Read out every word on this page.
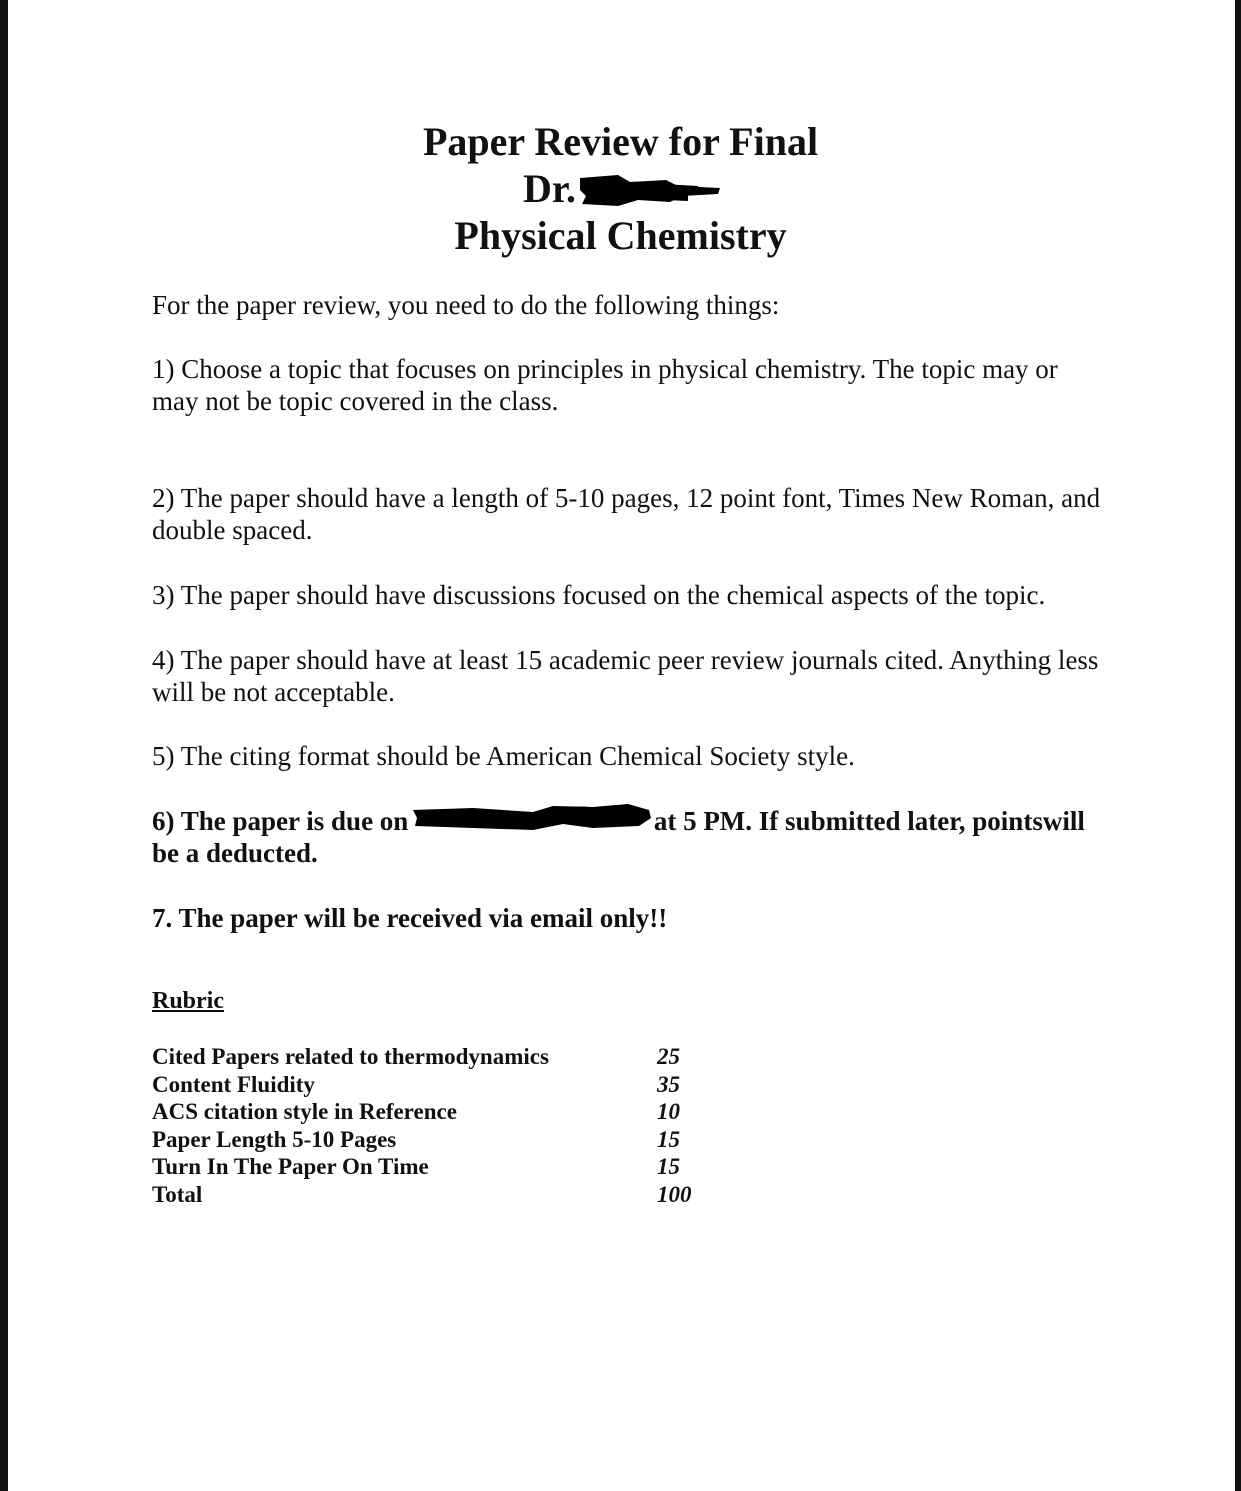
Paper Review for Final

Dr.

Physical Chemistry

For the paper review, you need to do the following things:

1) Choose a topic that focuses on principles in physical chemistry. The topic may or may not be topic covered in the class.

2) The paper should have a length of 5-10 pages, 12 point font, Times New Roman, and double spaced.

3) The paper should have discussions focused on the chemical aspects of the topic.

4) The paper should have at least 15 academic peer review journals cited. Anything less will be not acceptable.

5) The citing format should be American Chemical Society style.

6) The paper is due on	at 5 PM. If submitted later, pointswill be a deducted.

7. The paper will be received via email only!!

Rubric

Cited Papers related to thermodynamics	25
Content Fluidity	35
ACS citation style in Reference	10
Paper Length 5-10 Pages	15
Turn In The Paper On Time	15
Total	100
